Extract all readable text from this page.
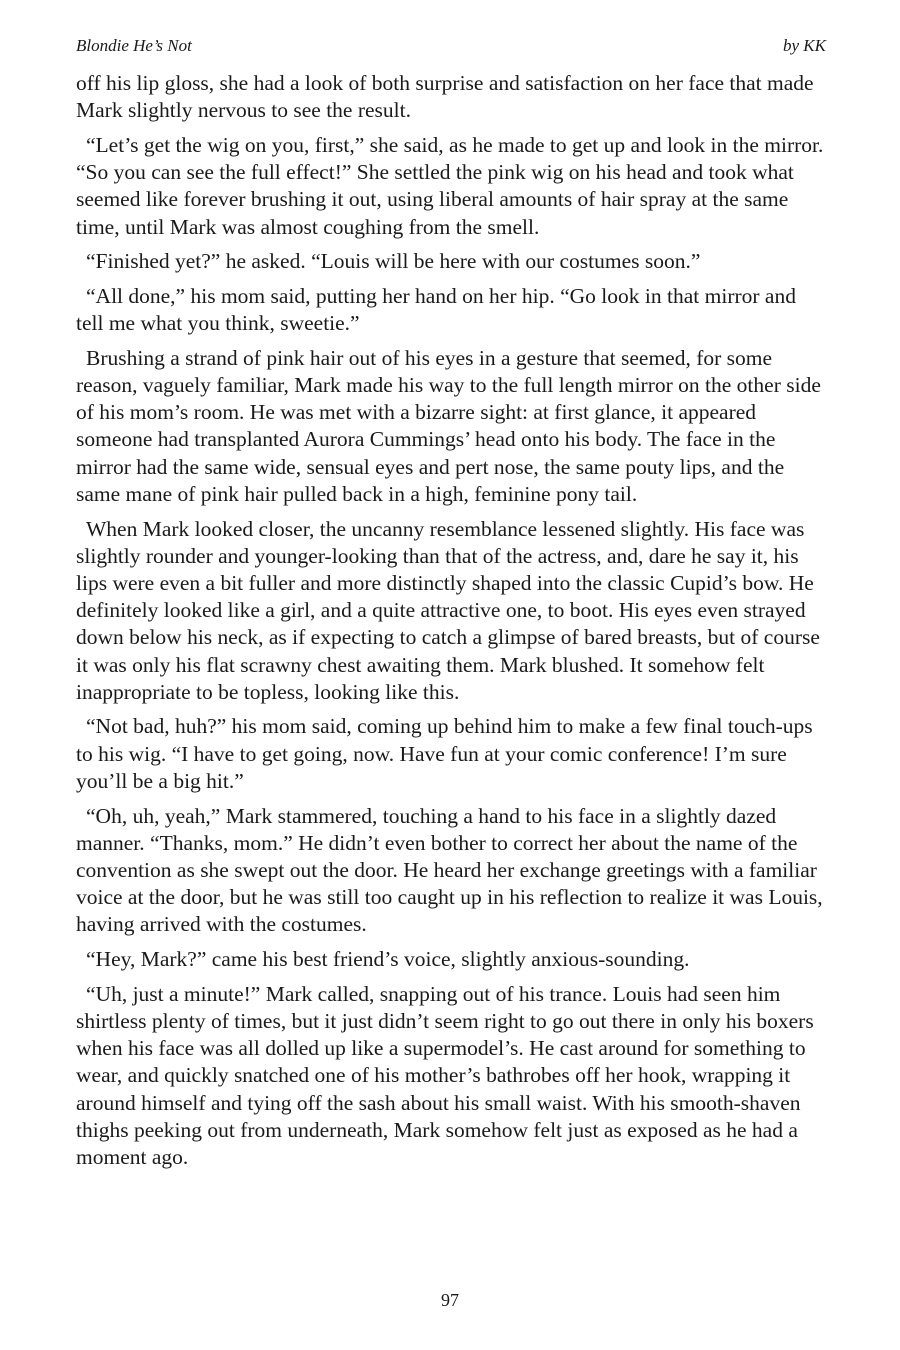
Blondie He’s Not	by KK

off his lip gloss, she had a look of both surprise and satisfaction on her face that made Mark slightly nervous to see the result.

“Let’s get the wig on you, first,” she said, as he made to get up and look in the mirror. “So you can see the full effect!” She settled the pink wig on his head and took what seemed like forever brushing it out, using liberal amounts of hair spray at the same time, until Mark was almost coughing from the smell.

“Finished yet?” he asked. “Louis will be here with our costumes soon.”

“All done,” his mom said, putting her hand on her hip. “Go look in that mirror and tell me what you think, sweetie.”

Brushing a strand of pink hair out of his eyes in a gesture that seemed, for some reason, vaguely familiar, Mark made his way to the full length mirror on the other side of his mom’s room. He was met with a bizarre sight: at first glance, it appeared someone had transplanted Aurora Cummings’ head onto his body. The face in the mirror had the same wide, sensual eyes and pert nose, the same pouty lips, and the same mane of pink hair pulled back in a high, feminine pony tail.

When Mark looked closer, the uncanny resemblance lessened slightly. His face was slightly rounder and younger-looking than that of the actress, and, dare he say it, his lips were even a bit fuller and more distinctly shaped into the classic Cupid’s bow. He definitely looked like a girl, and a quite attractive one, to boot. His eyes even strayed down below his neck, as if expecting to catch a glimpse of bared breasts, but of course it was only his flat scrawny chest awaiting them. Mark blushed. It somehow felt inappropriate to be topless, looking like this.

“Not bad, huh?” his mom said, coming up behind him to make a few final touch-ups to his wig. “I have to get going, now. Have fun at your comic conference! I’m sure you’ll be a big hit.”

“Oh, uh, yeah,” Mark stammered, touching a hand to his face in a slightly dazed manner. “Thanks, mom.” He didn’t even bother to correct her about the name of the convention as she swept out the door. He heard her exchange greetings with a familiar voice at the door, but he was still too caught up in his reflection to realize it was Louis, having arrived with the costumes.

“Hey, Mark?” came his best friend’s voice, slightly anxious-sounding.

“Uh, just a minute!” Mark called, snapping out of his trance. Louis had seen him shirtless plenty of times, but it just didn’t seem right to go out there in only his boxers when his face was all dolled up like a supermodel’s. He cast around for something to wear, and quickly snatched one of his mother’s bathrobes off her hook, wrapping it around himself and tying off the sash about his small waist. With his smooth-shaven thighs peeking out from underneath, Mark somehow felt just as exposed as he had a moment ago.

97
